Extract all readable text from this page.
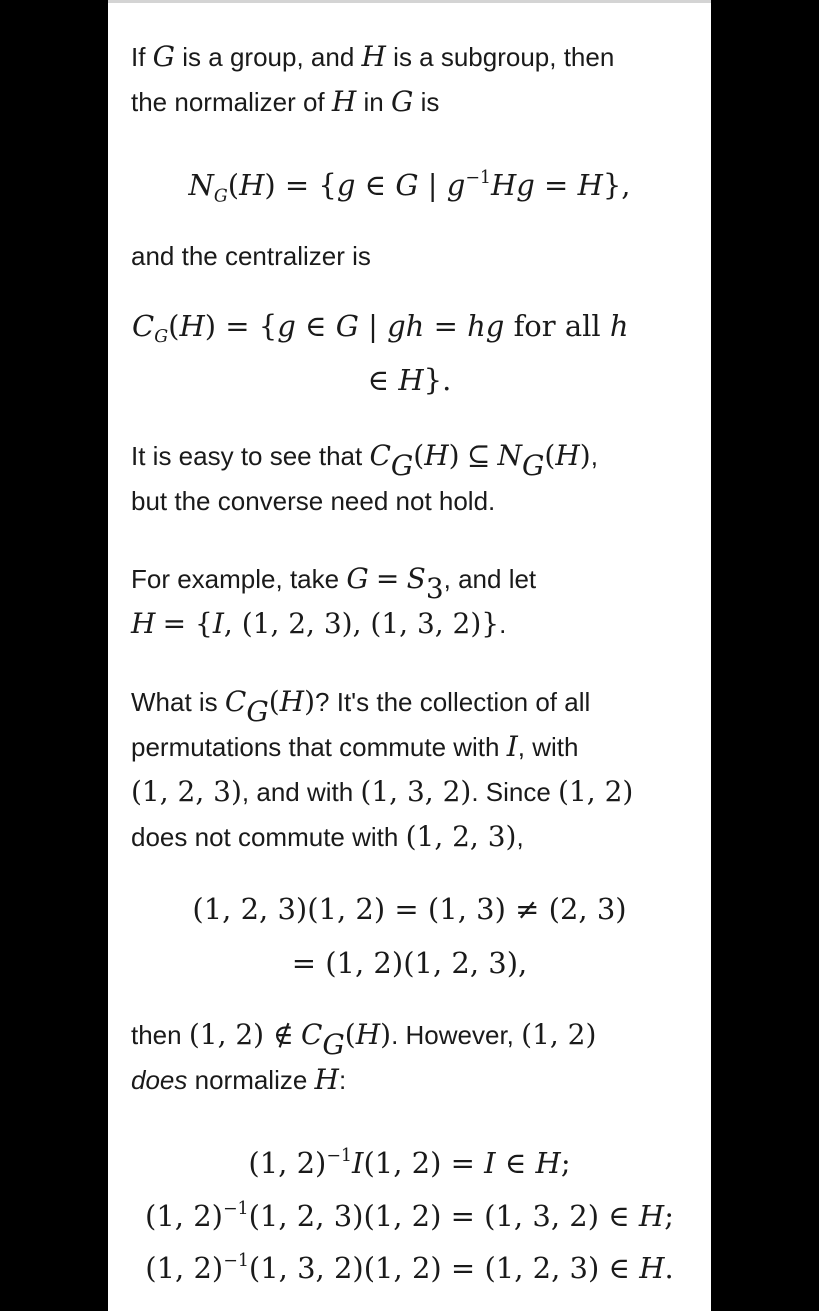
If G is a group, and H is a subgroup, then
the normalizer of H in G is
$N_G(H) = \{g$ ∈ G | $g^{-1}Hg = H$},
and the centralizer is
$C_G(H) = \{g$ ∈ G | gh = hg for all h
∈ H}.
It is easy to see that $C_G(H)$ ⊆ $N_G(H)$,
but the converse need not hold.
For example, take $G = S_3$, and let
H = {I, (1, 2, 3), (1, 3, 2)}.
What is $C_G(H)$? It's the collection of all
permutations that commute with I, with
(1, 2, 3), and with (1, 3, 2). Since (1, 2)
does not commute with (1, 2, 3),
(1, 2, 3)(1, 2) = (1, 3) ≠ (2, 3)
= (1, 2)(1, 2, 3),
then (1, 2) ∉ $C_G(H)$. However, (1, 2)
does normalize H:
(1, 2)$^{-1}$I(1, 2) = I ∈ H;
(1, 2)$^{-1}$(1, 2, 3)(1, 2) = (1, 3, 2) ∈ H;
(1, 2)$^{-1}$(1, 3, 2)(1, 2) = (1, 2, 3) ∈ H.
